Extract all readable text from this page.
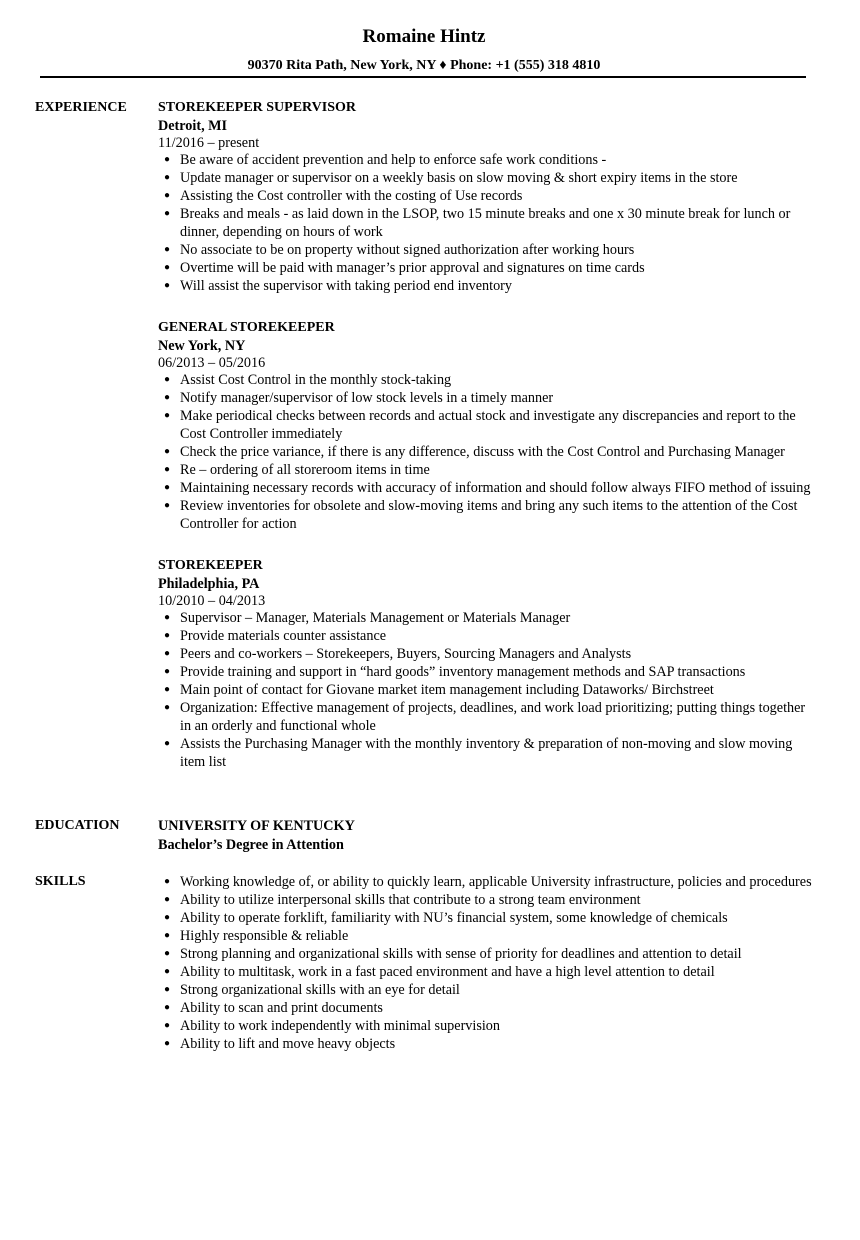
Romaine Hintz
90370 Rita Path, New York, NY ♦ Phone: +1 (555) 318 4810
EXPERIENCE STOREKEEPER SUPERVISOR
Detroit, MI
11/2016 – present
● Be aware of accident prevention and help to enforce safe work conditions -
● Update manager or supervisor on a weekly basis on slow moving & short expiry items in the store
● Assisting the Cost controller with the costing of Use records
● Breaks and meals - as laid down in the LSOP, two 15 minute breaks and one x 30 minute break for lunch or dinner, depending on hours of work
● No associate to be on property without signed authorization after working hours
● Overtime will be paid with manager’s prior approval and signatures on time cards
● Will assist the supervisor with taking period end inventory
GENERAL STOREKEEPER
New York, NY
06/2013 – 05/2016
● Assist Cost Control in the monthly stock-taking
● Notify manager/supervisor of low stock levels in a timely manner
● Make periodical checks between records and actual stock and investigate any discrepancies and report to the Cost Controller immediately
● Check the price variance, if there is any difference, discuss with the Cost Control and Purchasing Manager
● Re – ordering of all storeroom items in time
● Maintaining necessary records with accuracy of information and should follow always FIFO method of issuing
● Review inventories for obsolete and slow-moving items and bring any such items to the attention of the Cost Controller for action
STOREKEEPER
Philadelphia, PA
10/2010 – 04/2013
● Supervisor – Manager, Materials Management or Materials Manager
● Provide materials counter assistance
● Peers and co-workers – Storekeepers, Buyers, Sourcing Managers and Analysts
● Provide training and support in “hard goods” inventory management methods and SAP transactions
● Main point of contact for Giovane market item management including Dataworks/ Birchstreet
● Organization: Effective management of projects, deadlines, and work load prioritizing; putting things together in an orderly and functional whole
● Assists the Purchasing Manager with the monthly inventory & preparation of non-moving and slow moving item list
EDUCATION	UNIVERSITY OF KENTUCKY
Bachelor’s Degree in Attention
SKILLS	● Working knowledge of, or ability to quickly learn, applicable University infrastructure, policies and procedures
● Ability to utilize interpersonal skills that contribute to a strong team environment
● Ability to operate forklift, familiarity with NU’s financial system, some knowledge of chemicals
● Highly responsible & reliable
● Strong planning and organizational skills with sense of priority for deadlines and attention to detail
● Ability to multitask, work in a fast paced environment and have a high level attention to detail
● Strong organizational skills with an eye for detail
● Ability to scan and print documents
● Ability to work independently with minimal supervision
● Ability to lift and move heavy objects
